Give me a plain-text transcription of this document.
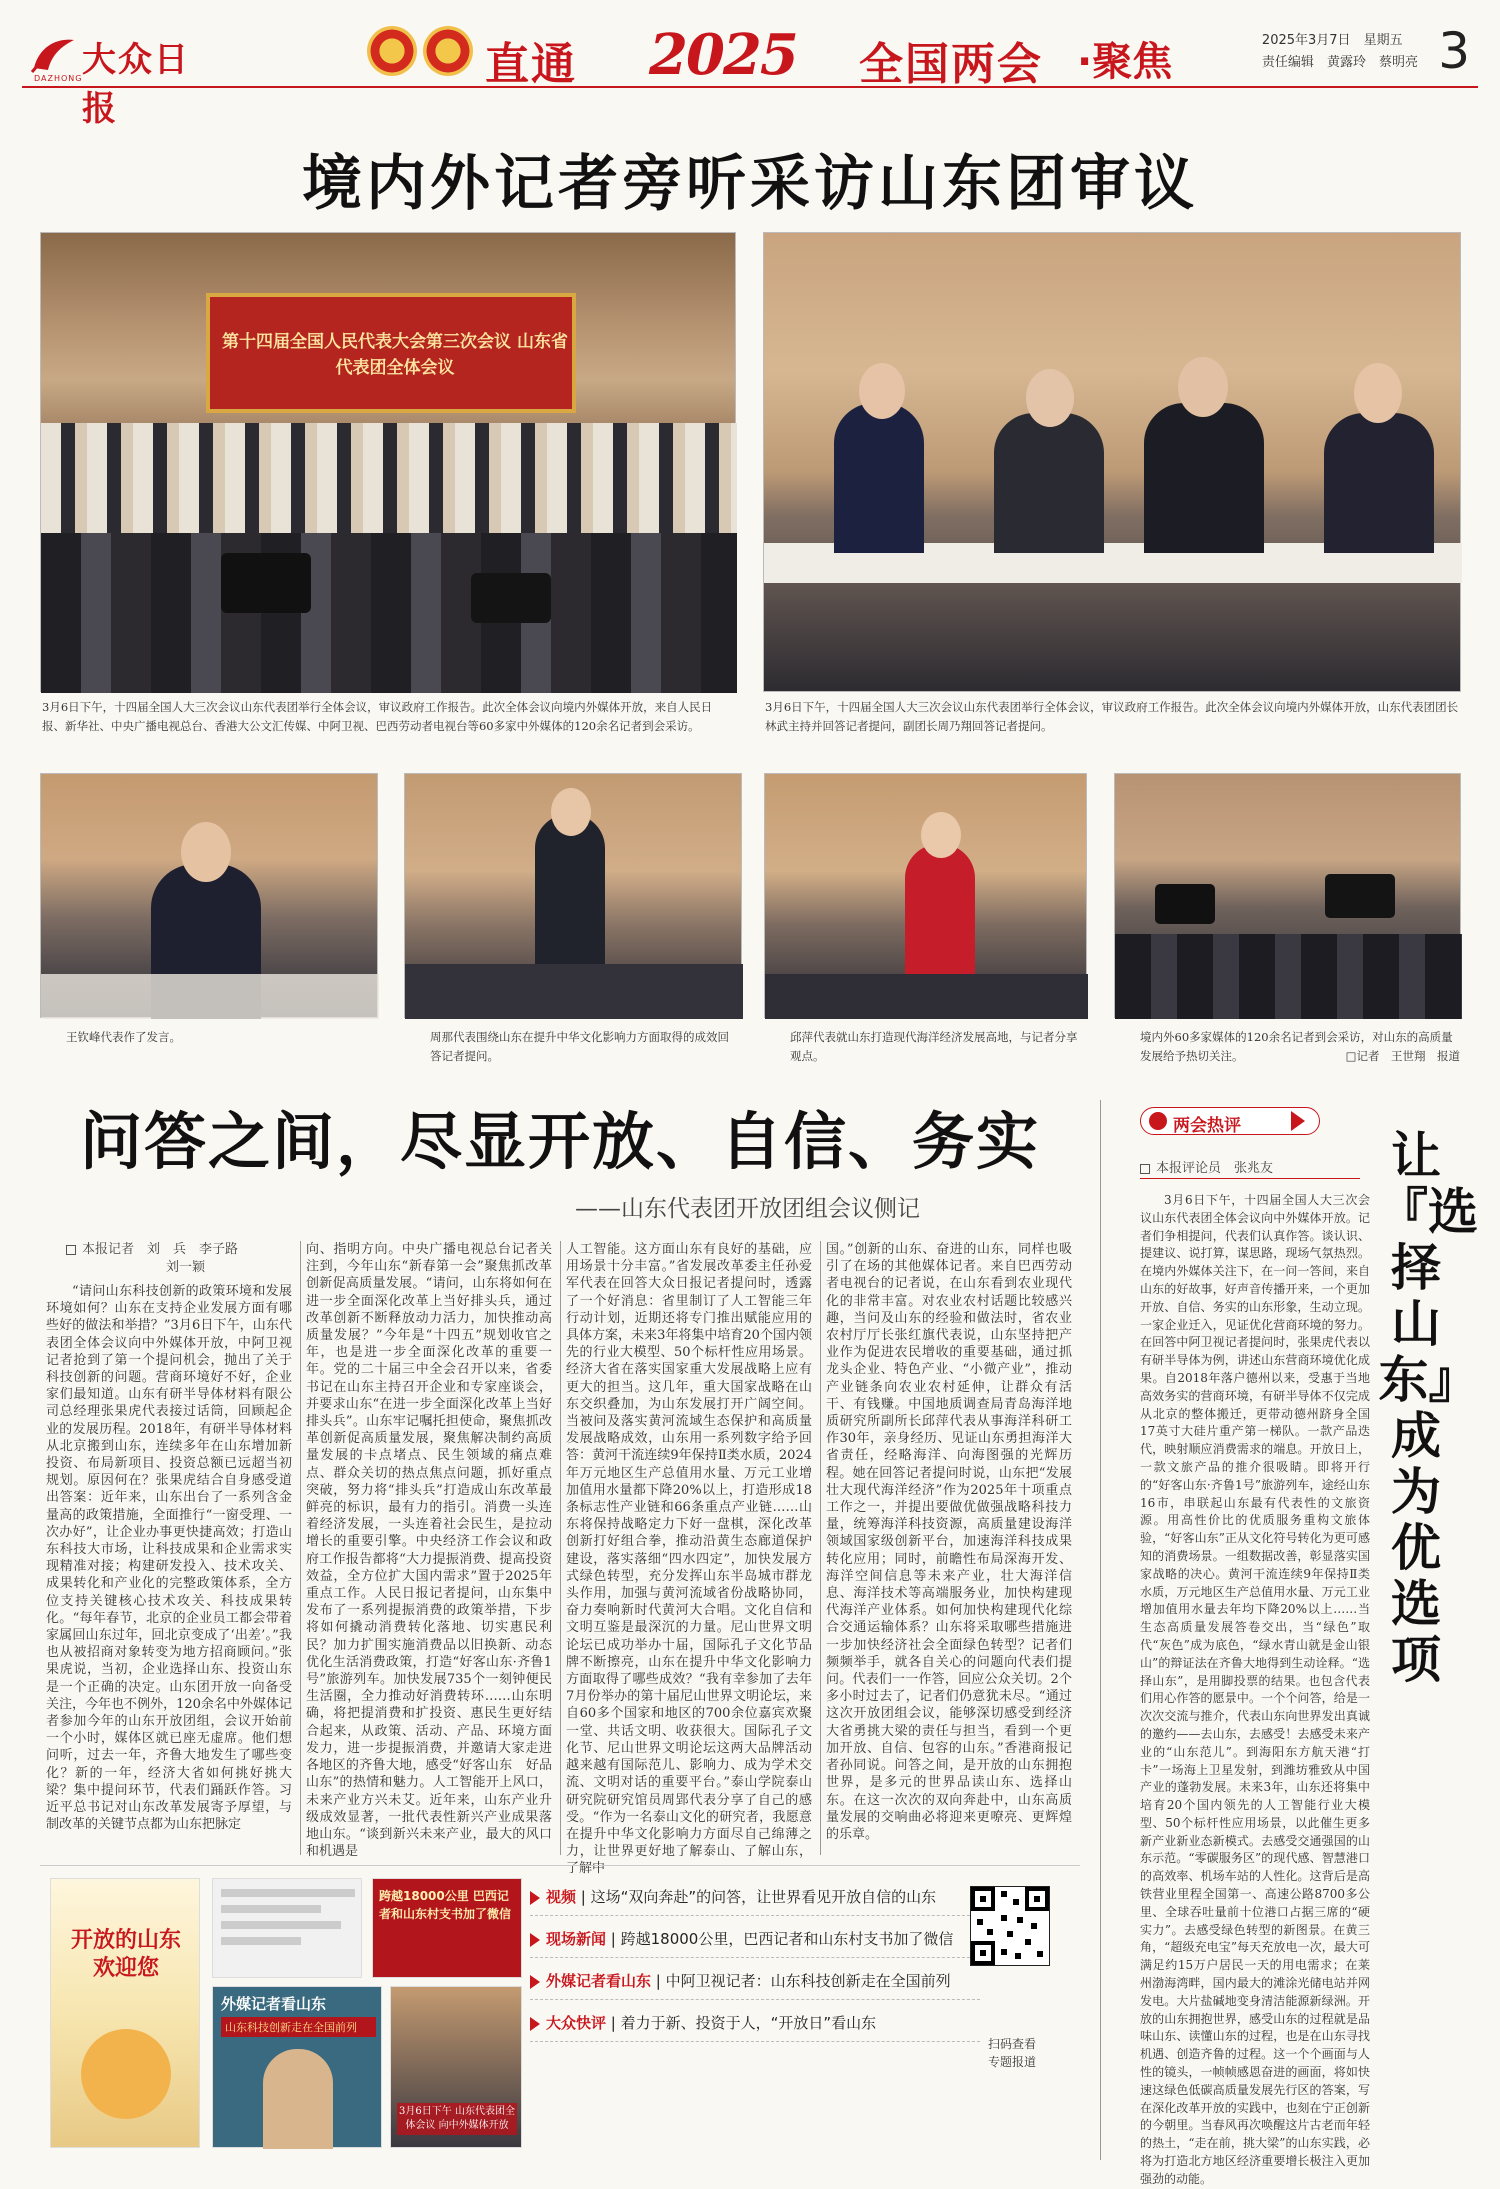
大众日报
DAZHONG	直通 2025 全国两会 ·聚焦	2025年3月7日　 星期五
责任编辑　 黄露玲　 蔡明亮 3
境内外记者旁听采访山东团审议
第十四届全国人民代表大会第三次会议 山东省代表团全体会议
3月6日下午，十四届全国人大三次会议山东代表团举行全体会议，审议政府工作报告。此次全体会议向境内外媒体开放，来自人民日报、新华社、中央广播电视总台、香港大公文汇传媒、中阿卫视、巴西劳动者电视台等60多家中外媒体的120余名记者到会采访。
3月6日下午，十四届全国人大三次会议山东代表团举行全体会议，审议政府工作报告。此次全体会议向境内外媒体开放，山东代表团团长林武主持并回答记者提问，副团长周乃翔回答记者提问。
王钦峰代表作了发言。	周那代表围绕山东在提升中华文化影响力方面取得的成效回答记者提问。
邱萍代表就山东打造现代海洋经济发展高地，与记者分享观点。
境内外60多家媒体的120余名记者到会采访，对山东的高质量发展给予热切关注。	□记者　王世翔　报道
问答之间，尽显开放、自信、务实
——山东代表团开放团组会议侧记
本报记者　 刘　兵　李子路
刘一颖

“请问山东科技创新的政策环境和发展环境如何？山东在支持企业发展方面有哪些好的做法和举措？”3月6日下午，山东代表团全体会议向中外媒体开放，中阿卫视记者抢到了第一个提问机会，抛出了关于科技创新的问题。营商环境好不好，企业家们最知道。山东有研半导体材料有限公司总经理张果虎代表接过话筒，回顾起企业的发展历程。2018年，有研半导体材料从北京搬到山东，连续多年在山东增加新投资、布局新项目、投资总额已远超当初规划。原因何在？张果虎结合自身感受道出答案：近年来，山东出台了一系列含金量高的政策措施，全面推行“一窗受理、一次办好”，让企业办事更快捷高效；打造山东科技大市场，让科技成果和企业需求实现精准对接；构建研发投入、技术攻关、成果转化和产业化的完整政策体系，全方位支持关键核心技术攻关、科技成果转化。“每年春节，北京的企业员工都会带着家属回山东过年，回北京变成了‘出差’。”我也从被招商对象转变为地方招商顾问。”张果虎说，当初，企业选择山东、投资山东是一个正确的决定。山东团开放一向备受关注，今年也不例外，120余名中外媒体记者参加今年的山东开放团组，会议开始前一个小时，媒体区就已座无虚席。他们想问听，过去一年，齐鲁大地发生了哪些变化？新的一年，经济大省如何挑好挑大梁？集中提问环节，代表们踊跃作答。习近平总书记对山东改革发展寄予厚望，与制改革的关键节点都为山东把脉定

向、指明方向。中央广播电视总台记者关注到，今年山东“新春第一会”聚焦抓改革创新促高质量发展。“请问，山东将如何在进一步全面深化改革上当好排头兵，通过改革创新不断释放动力活力，加快推动高质量发展？”今年是“十四五”规划收官之年，也是进一步全面深化改革的重要一年。党的二十届三中全会召开以来，省委书记在山东主持召开企业和专家座谈会，并要求山东“在进一步全面深化改革上当好排头兵”。山东牢记嘱托担使命，聚焦抓改革创新促高质量发展，聚焦解决制约高质量发展的卡点堵点、民生领域的痛点难点、群众关切的热点焦点问题，抓好重点突破，努力将“排头兵”打造成山东改革最鲜亮的标识，最有力的指引。消费一头连着经济发展，一头连着社会民生，是拉动增长的重要引擎。中央经济工作会议和政府工作报告都将“大力提振消费、提高投资效益，全方位扩大国内需求”置于2025年重点工作。人民日报记者提问，山东集中发布了一系列提振消费的政策举措，下步将如何撬动消费转化落地、切实惠民利民？加力扩围实施消费品以旧换新、动态优化生活消费政策，打造“好客山东·齐鲁1号”旅游列车。加快发展735个一刻钟便民生活圈，全力推动好消费转环……山东明确，将把提消费和扩投资、惠民生更好结合起来，从政策、活动、产品、环境方面发力，进一步提振消费，并邀请大家走进各地区的齐鲁大地，感受“好客山东　好品山东”的热情和魅力。人工智能开上风口，未来产业方兴未艾。近年来，山东产业升级成效显著，一批代表性新兴产业成果落地山东。“谈到新兴未来产业，最大的风口和机遇是

人工智能。这方面山东有良好的基础，应用场景十分丰富。”省发展改革委主任孙爱军代表在回答大众日报记者提问时，透露了一个好消息：省里制订了人工智能三年行动计划，近期还将专门推出赋能应用的具体方案，未来3年将集中培育20个国内领先的行业大模型、50个标杆性应用场景。经济大省在落实国家重大发展战略上应有更大的担当。这几年，重大国家战略在山东交织叠加，为山东发展打开广阔空间。当被问及落实黄河流域生态保护和高质量发展战略成效，山东用一系列数字给予回答：黄河干流连续9年保持Ⅱ类水质，2024年万元地区生产总值用水量、万元工业增加值用水量都下降20%以上，打造形成18条标志性产业链和66条重点产业链……山东将保持战略定力下好一盘棋，深化改革创新打好组合拳，推动沿黄生态廊道保护建设，落实落细“四水四定”，加快发展方式绿色转型，充分发挥山东半岛城市群龙头作用，加强与黄河流域省份战略协同，奋力奏响新时代黄河大合唱。文化自信和文明互鉴是最深沉的力量。尼山世界文明论坛已成功举办十届，国际孔子文化节品牌不断擦亮，山东在提升中华文化影响力方面取得了哪些成效？“我有幸参加了去年7月份举办的第十届尼山世界文明论坛，来自60多个国家和地区的700余位嘉宾欢聚一堂、共话文明、收获很大。国际孔子文化节、尼山世界文明论坛这两大品牌活动越来越有国际范儿、影响力、成为学术交流、文明对话的重要平台。”泰山学院泰山研究院研究馆员周郢代表分享了自己的感受。“作为一名泰山文化的研究者，我愿意在提升中华文化影响力方面尽自己绵薄之力，让世界更好地了解泰山、了解山东，了解中

国。”创新的山东、奋进的山东，同样也吸引了在场的其他媒体记者。来自巴西劳动者电视台的记者说，在山东看到农业现代化的非常丰富。对农业农村话题比较感兴趣，当问及山东的经验和做法时，省农业农村厅厅长张红旗代表说，山东坚持把产业作为促进农民增收的重要基础，通过抓龙头企业、特色产业、“小微产业”，推动产业链条向农业农村延伸，让群众有活干、有钱赚。中国地质调查局青岛海洋地质研究所副所长邱萍代表从事海洋科研工作30年，亲身经历、见证山东勇担海洋大省责任，经略海洋、向海图强的光辉历程。她在回答记者提问时说，山东把“发展壮大现代海洋经济”作为2025年十项重点工作之一，并提出要做优做强战略科技力量，统筹海洋科技资源，高质量建设海洋领域国家级创新平台，加速海洋科技成果转化应用；同时，前瞻性布局深海开发、海洋空间信息等未来产业，壮大海洋信息、海洋技术等高端服务业，加快构建现代海洋产业体系。如何加快构建现代化综合交通运输体系？山东将采取哪些措施进一步加快经济社会全面绿色转型？记者们频频举手，就各自关心的问题向代表们提问。代表们一一作答，回应公众关切。2个多小时过去了，记者们仍意犹未尽。“通过这次开放团组会议，能够深切感受到经济大省勇挑大梁的责任与担当，看到一个更加开放、自信、包容的山东。”香港商报记者孙同说。问答之间，是开放的山东拥抱世界，是多元的世界品读山东、选择山东。在这一次次的双向奔赴中，山东高质量发展的交响曲必将迎来更嘹亮、更辉煌的乐章。

两会热评
本报评论员　 张兆友	让『选择山东』成为优选项

3月6日下午，十四届全国人大三次会议山东代表团全体会议向中外媒体开放。记者们争相提问，代表们认真作答。谈认识、提建议、说打算，谋思路，现场气氛热烈。在境内外媒体关注下，在一问一答间，来自山东的好故事，好声音传播开来，一个更加开放、自信、务实的山东形象，生动立现。一家企业迁入，见证优化营商环境的努力。在回答中阿卫视记者提问时，张果虎代表以有研半导体为例，讲述山东营商环境优化成果。自2018年落户德州以来，受惠于当地高效务实的营商环境，有研半导体不仅完成从北京的整体搬迁，更带动德州跻身全国17英寸大硅片重产第一梯队。一款产品迭代，映射顺应消费需求的端息。开放日上，一款文旅产品的推介很吸睛。即将开行的“好客山东·齐鲁1号”旅游列车，途经山东16市，串联起山东最有代表性的文旅资源。用高性价比的优质服务重构文旅体验，“好客山东”正从文化符号转化为更可感知的消费场景。一组数据改善，彰显落实国家战略的决心。黄河干流连续9年保持Ⅱ类水质，万元地区生产总值用水量、万元工业增加值用水量去年均下降20%以上……当生态高质量发展答卷交出，当“绿色”取代“灰色”成为底色，“绿水青山就是金山银山”的辩证法在齐鲁大地得到生动诠释。“选择山东”，是用脚投票的结果。也包含代表们用心作答的愿景中。一个个问答，给是一次次交流与推介，代表山东向世界发出真诚的邀约——去山东，去感受！去感受未来产业的“山东范儿”。到海阳东方航天港“打卡”一场海上卫星发射，到潍坊雅致从中国产业的蓬勃发展。未来3年，山东还将集中培育20个国内领先的人工智能行业大模型、50个标杆性应用场景，以此催生更多新产业新业态新模式。去感受交通强国的山东示范。“零碳服务区”的现代感、智慧港口的高效率、机场车站的人性化。这背后是高铁营业里程全国第一、高速公路8700多公里、全球吞吐量前十位港口占据三席的“硬实力”。去感受绿色转型的新图景。在黄三角，“超级充电宝”每天充放电一次，最大可满足约15万户居民一天的用电需求；在莱州渤海湾畔，国内最大的滩涂光储电站并网发电。大片盐碱地变身清洁能源新绿洲。开放的山东拥抱世界，感受山东的过程就是品味山东、读懂山东的过程，也是在山东寻找机遇、创造齐鲁的过程。这一个个画面与人性的镜头，一帧帧感恩奋进的画面，将如快速这绿色低碳高质量发展先行区的答案，写在深化改革开放的实践中，也刻在宁正创新的今朝里。当春风再次唤醒这片古老而年轻的热土，“走在前，挑大梁”的山东实践，必将为打造北方地区经济重要增长极注入更加强劲的动能。

开放的山东 欢迎您
跨越18000公里 巴西记者和山东村支书加了微信
外媒记者看山东
山东科技创新走在全国前列
3月6日下午 山东代表团全体会议 向中外媒体开放
视频 | 这场“双向奔赴”的问答，让世界看见开放自信的山东
现场新闻 | 跨越18000公里，巴西记者和山东村支书加了微信
外媒记者看山东 | 中阿卫视记者：山东科技创新走在全国前列
大众快评 | 着力于新、投资于人，“开放日”看山东
扫码查看
专题报道
